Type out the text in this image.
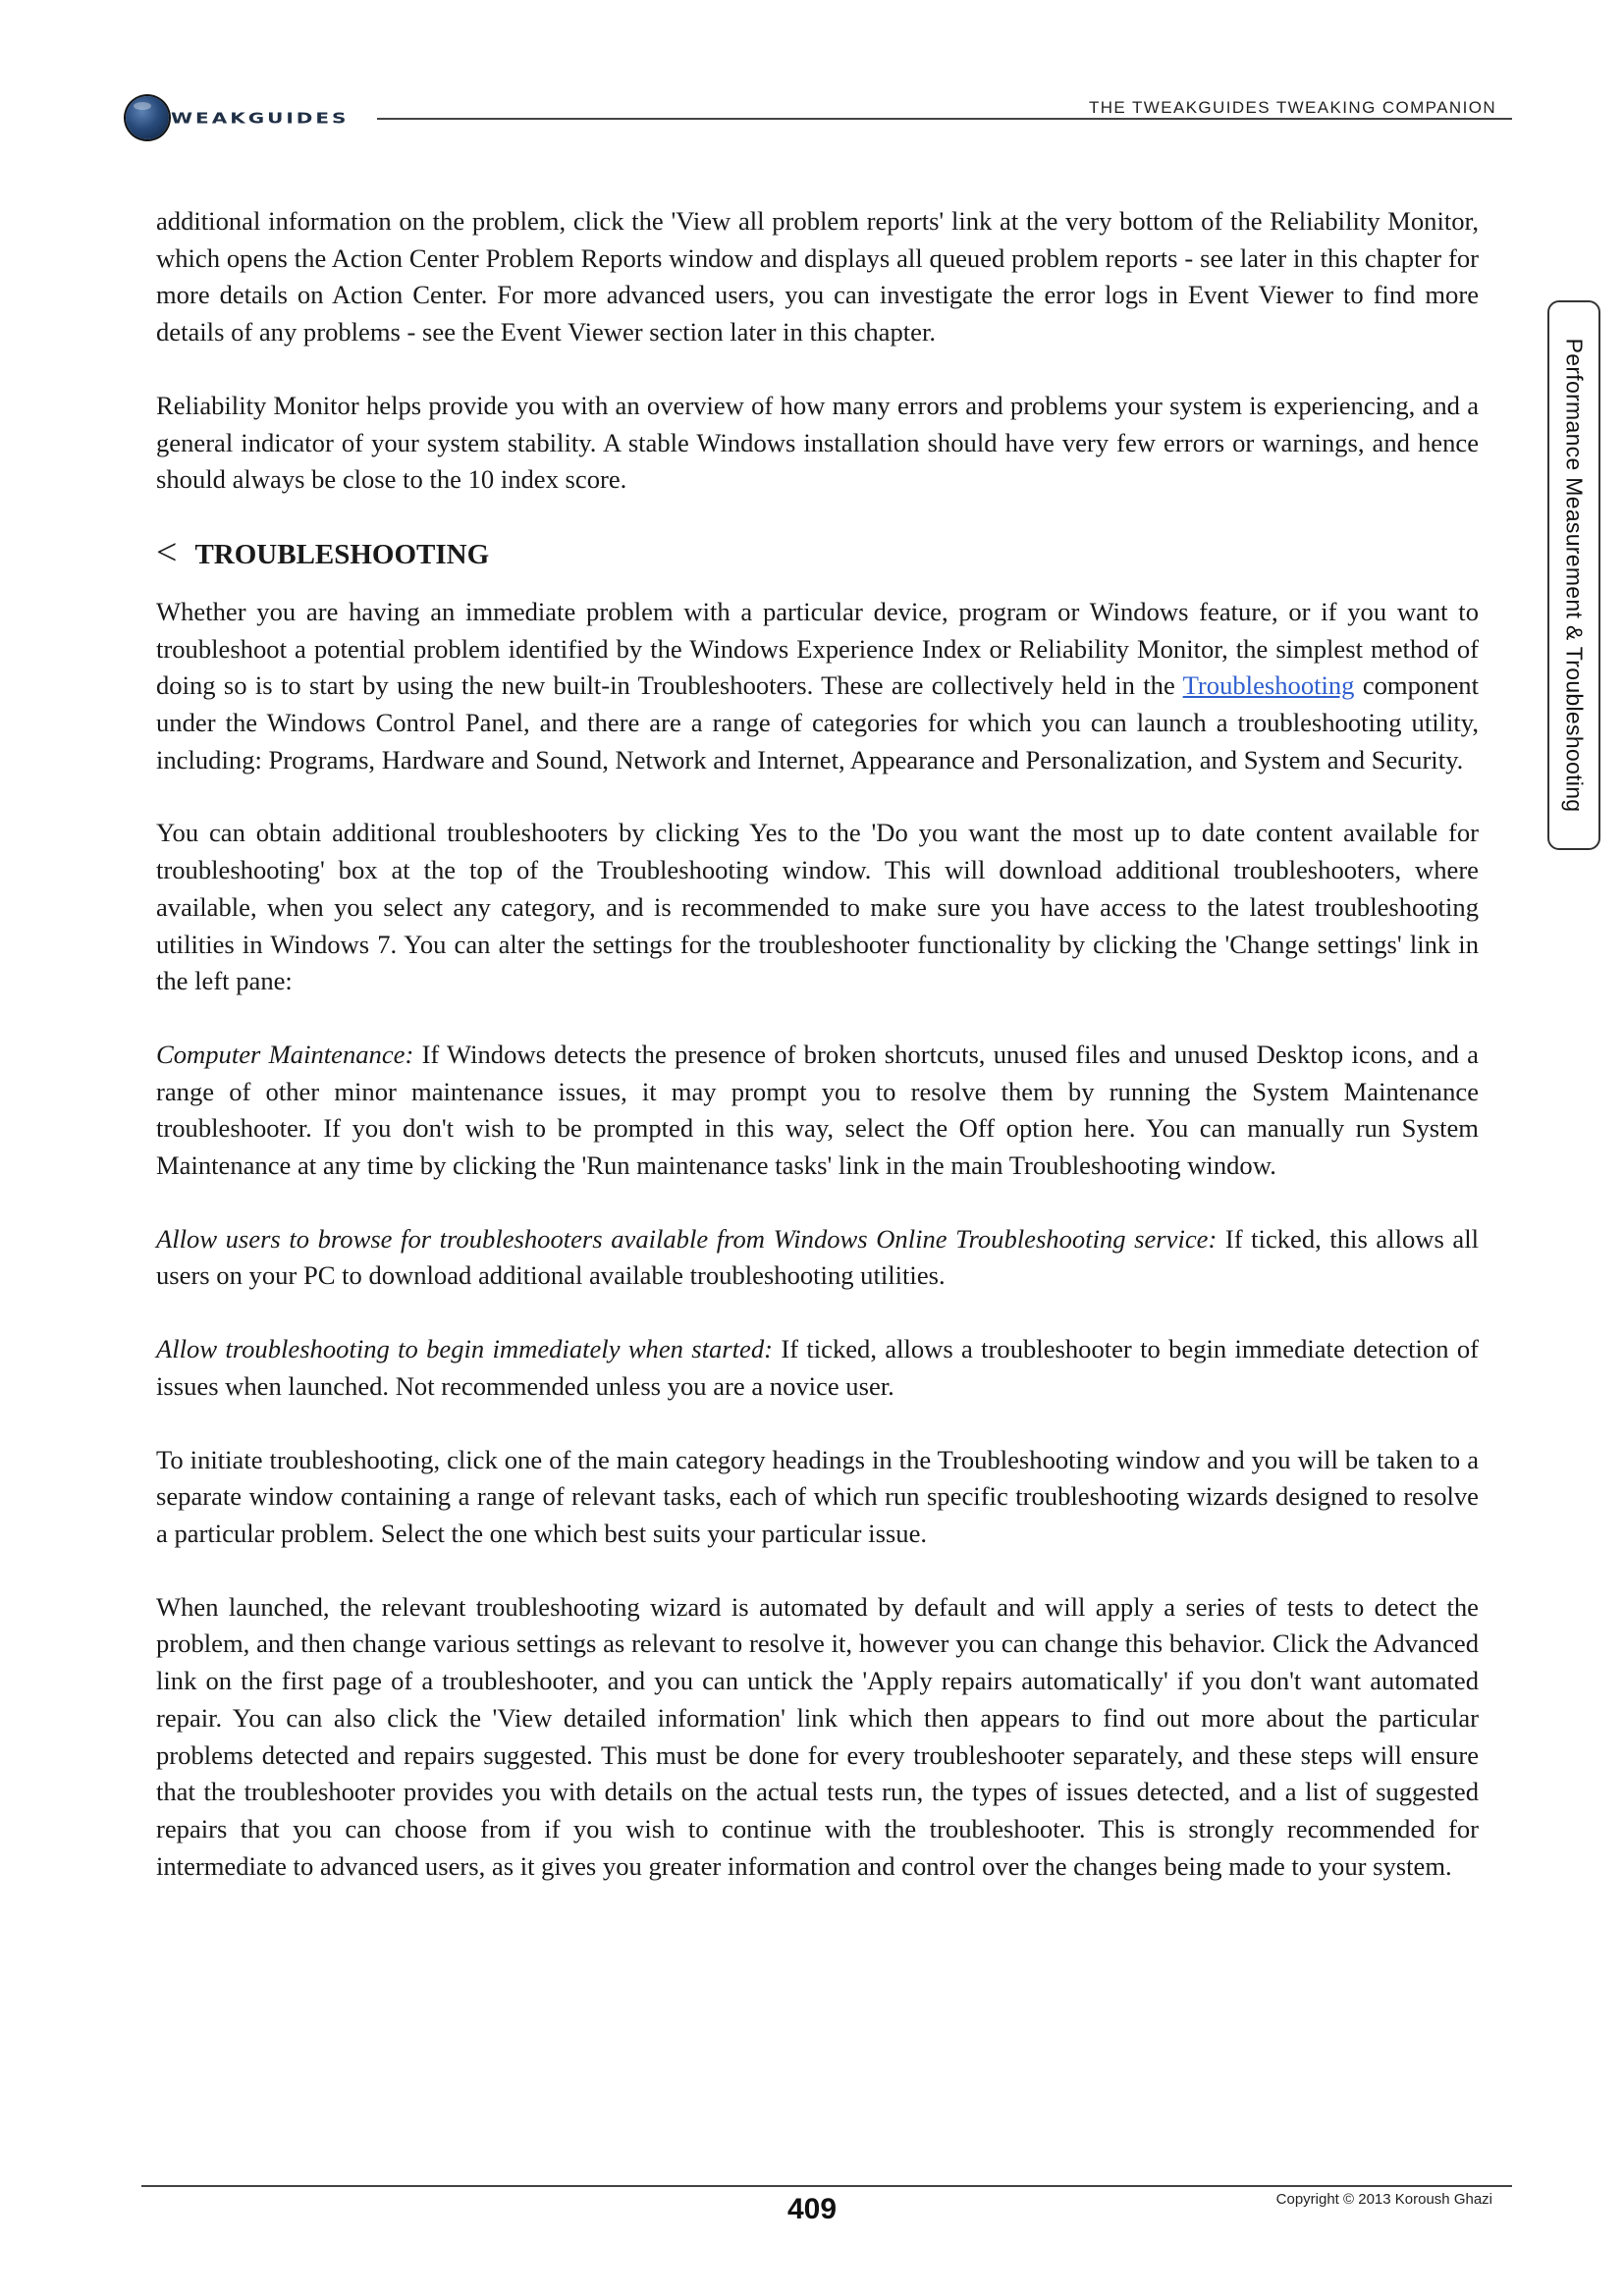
WEAKGUIDES
THE TWEAKGUIDES TWEAKING COMPANION
Performance Measurement & Troubleshooting

additional information on the problem, click the 'View all problem reports' link at the very bottom of the Reliability Monitor, which opens the Action Center Problem Reports window and displays all queued problem reports - see later in this chapter for more details on Action Center. For more advanced users, you can investigate the error logs in Event Viewer to find more details of any problems - see the Event Viewer section later in this chapter.

Reliability Monitor helps provide you with an overview of how many errors and problems your system is experiencing, and a general indicator of your system stability. A stable Windows installation should have very few errors or warnings, and hence should always be close to the 10 index score.

< TROUBLESHOOTING

Whether you are having an immediate problem with a particular device, program or Windows feature, or if you want to troubleshoot a potential problem identified by the Windows Experience Index or Reliability Monitor, the simplest method of doing so is to start by using the new built-in Troubleshooters. These are collectively held in the Troubleshooting component under the Windows Control Panel, and there are a range of categories for which you can launch a troubleshooting utility, including: Programs, Hardware and Sound, Network and Internet, Appearance and Personalization, and System and Security.

You can obtain additional troubleshooters by clicking Yes to the 'Do you want the most up to date content available for troubleshooting' box at the top of the Troubleshooting window. This will download additional troubleshooters, where available, when you select any category, and is recommended to make sure you have access to the latest troubleshooting utilities in Windows 7. You can alter the settings for the troubleshooter functionality by clicking the 'Change settings' link in the left pane:

Computer Maintenance: If Windows detects the presence of broken shortcuts, unused files and unused Desktop icons, and a range of other minor maintenance issues, it may prompt you to resolve them by running the System Maintenance troubleshooter. If you don't wish to be prompted in this way, select the Off option here. You can manually run System Maintenance at any time by clicking the 'Run maintenance tasks' link in the main Troubleshooting window.

Allow users to browse for troubleshooters available from Windows Online Troubleshooting service: If ticked, this allows all users on your PC to download additional available troubleshooting utilities.

Allow troubleshooting to begin immediately when started: If ticked, allows a troubleshooter to begin immediate detection of issues when launched. Not recommended unless you are a novice user.

To initiate troubleshooting, click one of the main category headings in the Troubleshooting window and you will be taken to a separate window containing a range of relevant tasks, each of which run specific troubleshooting wizards designed to resolve a particular problem. Select the one which best suits your particular issue.

When launched, the relevant troubleshooting wizard is automated by default and will apply a series of tests to detect the problem, and then change various settings as relevant to resolve it, however you can change this behavior. Click the Advanced link on the first page of a troubleshooter, and you can untick the 'Apply repairs automatically' if you don't want automated repair. You can also click the 'View detailed information' link which then appears to find out more about the particular problems detected and repairs suggested. This must be done for every troubleshooter separately, and these steps will ensure that the troubleshooter provides you with details on the actual tests run, the types of issues detected, and a list of suggested repairs that you can choose from if you wish to continue with the troubleshooter. This is strongly recommended for intermediate to advanced users, as it gives you greater information and control over the changes being made to your system.

409	Copyright © 2013 Koroush Ghazi
